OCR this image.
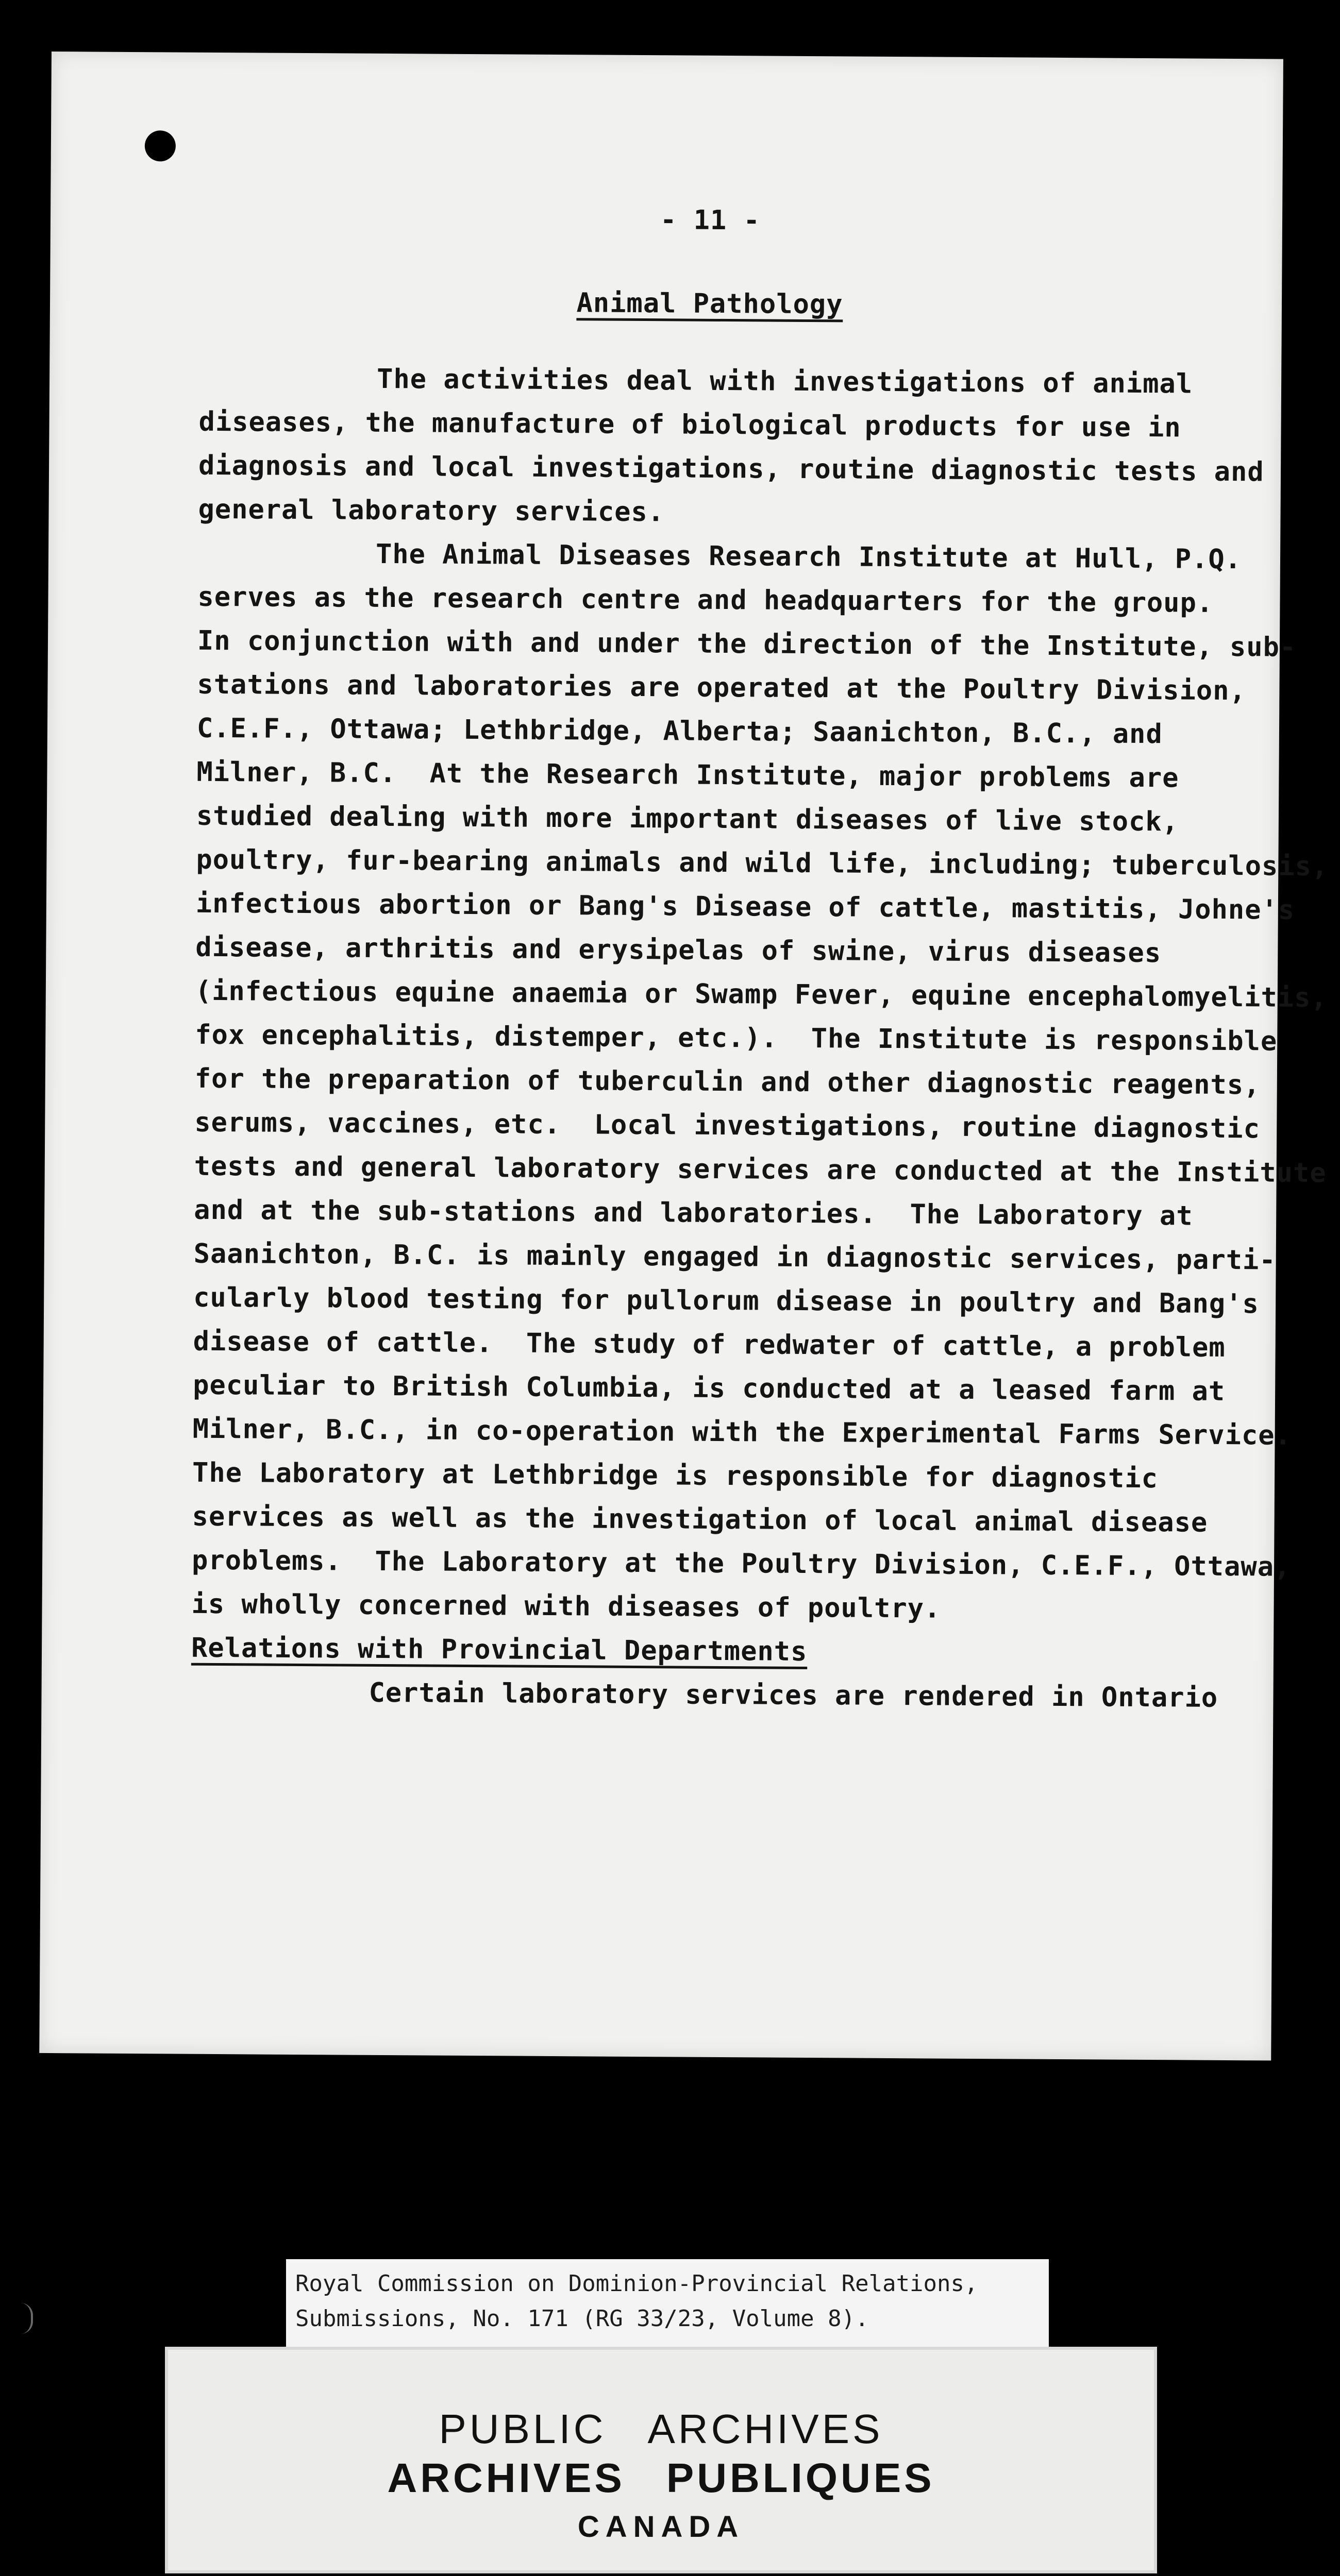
- 11 -
Animal Pathology
The activities deal with investigations of animal
diseases, the manufacture of biological products for use in
diagnosis and local investigations, routine diagnostic tests and
general laboratory services.
The Animal Diseases Research Institute at Hull, P.Q.
serves as the research centre and headquarters for the group.
In conjunction with and under the direction of the Institute, sub-
stations and laboratories are operated at the Poultry Division,
C.E.F., Ottawa; Lethbridge, Alberta; Saanichton, B.C., and
Milner, B.C.  At the Research Institute, major problems are
studied dealing with more important diseases of live stock,
poultry, fur-bearing animals and wild life, including; tuberculosis,
infectious abortion or Bang's Disease of cattle, mastitis, Johne's
disease, arthritis and erysipelas of swine, virus diseases
(infectious equine anaemia or Swamp Fever, equine encephalomyelitis,
fox encephalitis, distemper, etc.).  The Institute is responsible
for the preparation of tuberculin and other diagnostic reagents,
serums, vaccines, etc.  Local investigations, routine diagnostic
tests and general laboratory services are conducted at the Institute
and at the sub-stations and laboratories.  The Laboratory at
Saanichton, B.C. is mainly engaged in diagnostic services, parti-
cularly blood testing for pullorum disease in poultry and Bang's
disease of cattle.  The study of redwater of cattle, a problem
peculiar to British Columbia, is conducted at a leased farm at
Milner, B.C., in co-operation with the Experimental Farms Service.
The Laboratory at Lethbridge is responsible for diagnostic
services as well as the investigation of local animal disease
problems.  The Laboratory at the Poultry Division, C.E.F., Ottawa,
is wholly concerned with diseases of poultry.
Relations with Provincial Departments
Certain laboratory services are rendered in Ontario
Royal Commission on Dominion-Provincial Relations,
Submissions, No. 171 (RG 33/23, Volume 8).
PUBLIC ARCHIVES
ARCHIVES PUBLIQUES
CANADA
